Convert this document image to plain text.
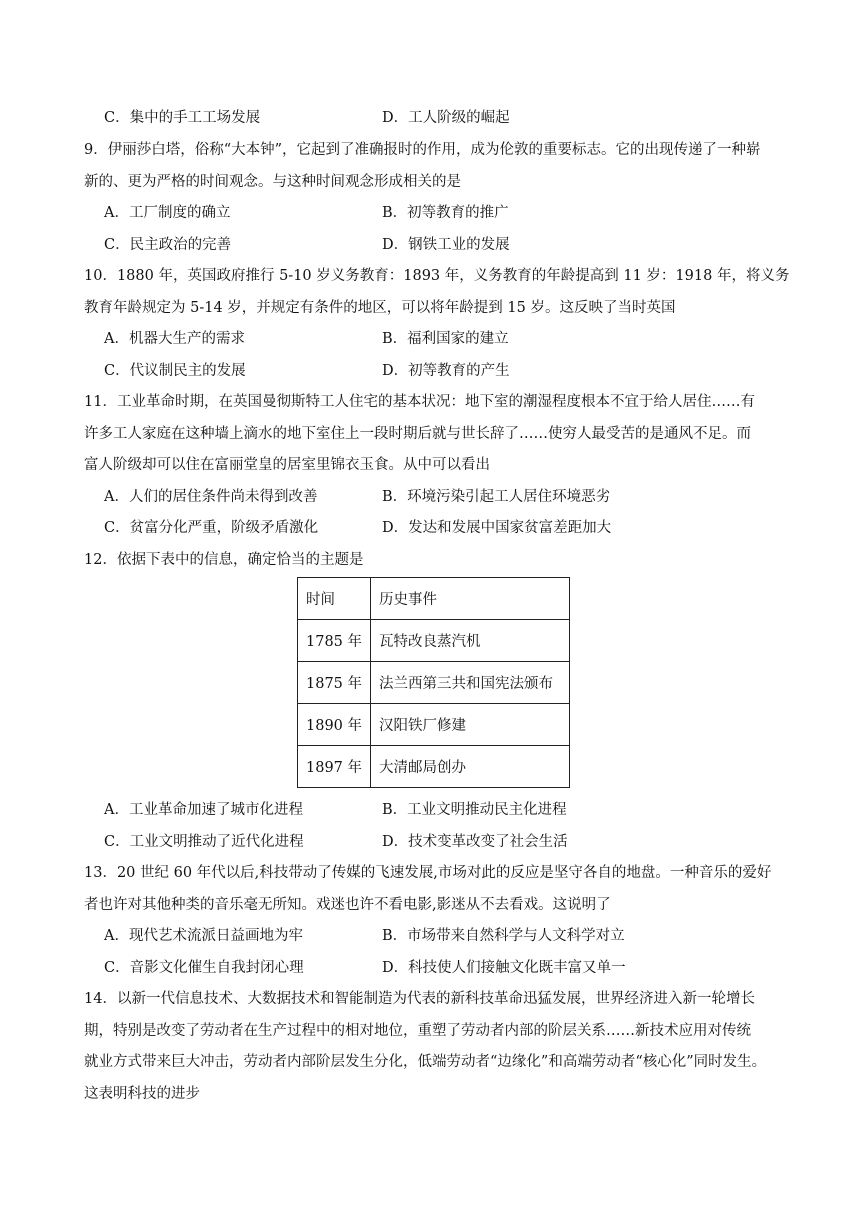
C．集中的手工工场发展	D．工人阶级的崛起
9．伊丽莎白塔，俗称“大本钟”，它起到了准确报时的作用，成为伦敦的重要标志。它的出现传递了一种崭
新的、更为严格的时间观念。与这种时间观念形成相关的是
A．工厂制度的确立	B．初等教育的推广
C．民主政治的完善	D．钢铁工业的发展
10．1880 年，英国政府推行 5-10 岁义务教育：1893 年，义务教育的年龄提高到 11 岁：1918 年，将义务
教育年龄规定为 5-14 岁，并规定有条件的地区，可以将年龄提到 15 岁。这反映了当时英国
A．机器大生产的需求	B．福利国家的建立
C．代议制民主的发展	D．初等教育的产生
11．工业革命时期，在英国曼彻斯特工人住宅的基本状况：地下室的潮湿程度根本不宜于给人居住……有
许多工人家庭在这种墙上滴水的地下室住上一段时期后就与世长辞了……使穷人最受苦的是通风不足。而
富人阶级却可以住在富丽堂皇的居室里锦衣玉食。从中可以看出
A．人们的居住条件尚未得到改善	B．环境污染引起工人居住环境恶劣
C．贫富分化严重，阶级矛盾激化	D．发达和发展中国家贫富差距加大
12．依据下表中的信息，确定恰当的主题是
时间	历史事件
1785 年	瓦特改良蒸汽机
1875 年	法兰西第三共和国宪法颁布
1890 年	汉阳铁厂修建
1897 年	大清邮局创办
A．工业革命加速了城市化进程	B．工业文明推动民主化进程
C．工业文明推动了近代化进程	D．技术变革改变了社会生活
13．20 世纪 60 年代以后,科技带动了传媒的飞速发展,市场对此的反应是坚守各自的地盘。一种音乐的爱好
者也许对其他种类的音乐毫无所知。戏迷也许不看电影,影迷从不去看戏。这说明了
A．现代艺术流派日益画地为牢	B．市场带来自然科学与人文科学对立
C．音影文化催生自我封闭心理	D．科技使人们接触文化既丰富又单一
14．以新一代信息技术、大数据技术和智能制造为代表的新科技革命迅猛发展，世界经济进入新一轮增长
期，特别是改变了劳动者在生产过程中的相对地位，重塑了劳动者内部的阶层关系……新技术应用对传统
就业方式带来巨大冲击，劳动者内部阶层发生分化，低端劳动者“边缘化”和高端劳动者“核心化”同时发生。
这表明科技的进步
